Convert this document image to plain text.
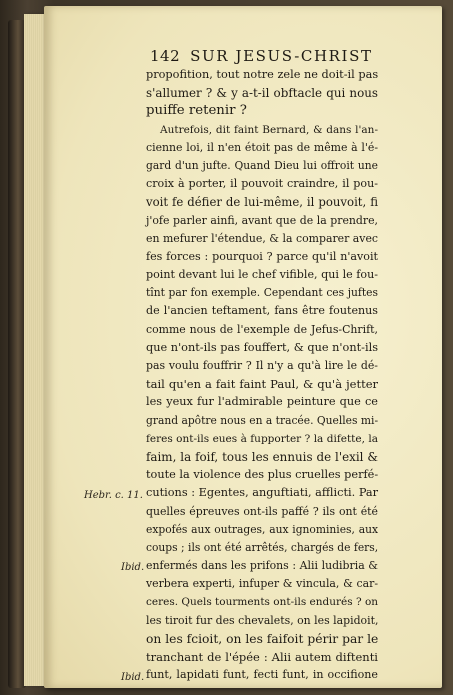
142 SUR JESUS-CHRIST
propofition, tout notre zele ne doit-il pas
s'allumer ? & y a-t-il obftacle qui nous
puiffe retenir ?
Autrefois, dit faint Bernard, & dans l'an-
cienne loi, il n'en étoit pas de même à l'é-
gard d'un jufte. Quand Dieu lui offroit une
croix à porter, il pouvoit craindre, il pou-
voit fe défier de lui-même, il pouvoit, fi
j'ofe parler ainfi, avant que de la prendre,
en mefurer l'étendue, & la comparer avec
fes forces : pourquoi ? parce qu'il n'avoit
point devant lui le chef vifible, qui le fou-
tînt par fon exemple. Cependant ces juftes
de l'ancien teftament, fans être foutenus
comme nous de l'exemple de Jefus-Chrift,
que n'ont-ils pas fouffert, & que n'ont-ils
pas voulu fouffrir ? Il n'y a qu'à lire le dé-
tail qu'en a fait faint Paul, & qu'à jetter
les yeux fur l'admirable peinture que ce
grand apôtre nous en a tracée. Quelles mi-
feres ont-ils eues à fupporter ? la difette, la
faim, la foif, tous les ennuis de l'exil &
toute la violence des plus cruelles perfé-
cutions : Egentes, anguftiati, afflicti. Par
quelles épreuves ont-ils paffé ? ils ont été
expofés aux outrages, aux ignominies, aux
coups ; ils ont été arrêtés, chargés de fers,
enfermés dans les prifons : Alii ludibria &
verbera experti, infuper & vincula, & car-
ceres. Quels tourments ont-ils endurés ? on
les tiroit fur des chevalets, on les lapidoit,
on les fcioit, on les faifoit périr par le
tranchant de l'épée : Alii autem diftenti
funt, lapidati funt, fecti funt, in occifione
Hebr. c. 11.
Ibid.
Ibid.
